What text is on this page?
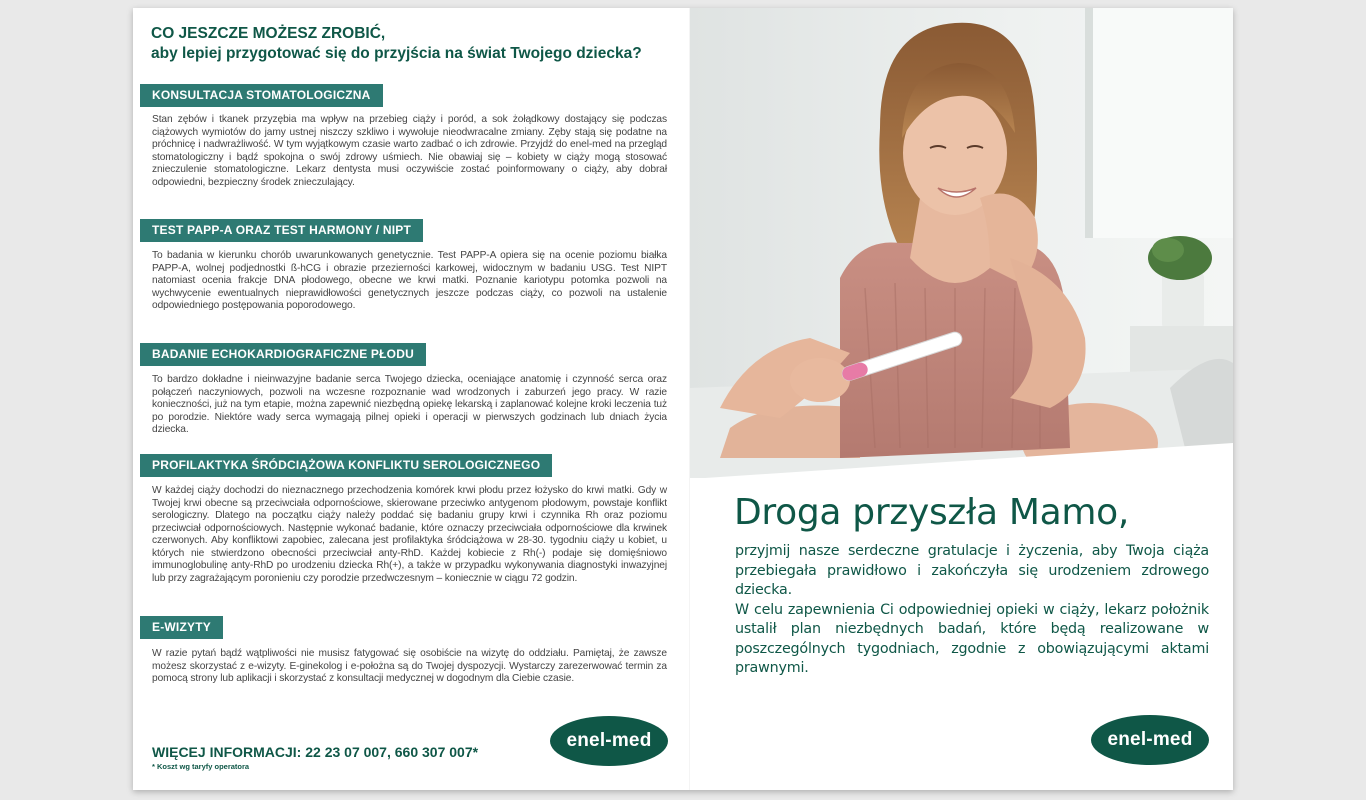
CO JESZCZE MOŻESZ ZROBIĆ,
aby lepiej przygotować się do przyjścia na świat Twojego dziecka?
KONSULTACJA STOMATOLOGICZNA
Stan zębów i tkanek przyzębia ma wpływ na przebieg ciąży i poród, a sok żołądkowy dostający się podczas ciążowych wymiotów do jamy ustnej niszczy szkliwo i wywołuje nieodwracalne zmiany. Zęby stają się podatne na próchnicę i nadwrażliwość. W tym wyjątkowym czasie warto zadbać o ich zdrowie. Przyjdź do enel-med na przegląd stomatologiczny i bądź spokojna o swój zdrowy uśmiech. Nie obawiaj się – kobiety w ciąży mogą stosować znieczulenie stomatologiczne. Lekarz dentysta musi oczywiście zostać poinformowany o ciąży, aby dobrał odpowiedni, bezpieczny środek znieczulający.
TEST PAPP-A ORAZ TEST HARMONY / NIPT
To badania w kierunku chorób uwarunkowanych genetycznie. Test PAPP-A opiera się na ocenie poziomu białka PAPP-A, wolnej podjednostki ß-hCG i obrazie przezierności karkowej, widocznym w badaniu USG. Test NIPT natomiast ocenia frakcje DNA płodowego, obecne we krwi matki. Poznanie kariotypu potomka pozwoli na wychwycenie ewentualnych nieprawidłowości genetycznych jeszcze podczas ciąży, co pozwoli na ustalenie odpowiedniego postępowania poporodowego.
BADANIE ECHOKARDIOGRAFICZNE PŁODU
To bardzo dokładne i nieinwazyjne badanie serca Twojego dziecka, oceniające anatomię i czynność serca oraz połączeń naczyniowych, pozwoli na wczesne rozpoznanie wad wrodzonych i zaburzeń jego pracy. W razie konieczności, już na tym etapie, można zapewnić niezbędną opiekę lekarską i zaplanować kolejne kroki leczenia tuż po porodzie. Niektóre wady serca wymagają pilnej opieki i operacji w pierwszych godzinach lub dniach życia dziecka.
PROFILAKTYKA ŚRÓDCIĄŻOWA KONFLIKTU SEROLOGICZNEGO
W każdej ciąży dochodzi do nieznacznego przechodzenia komórek krwi płodu przez łożysko do krwi matki. Gdy w Twojej krwi obecne są przeciwciała odpornościowe, skierowane przeciwko antygenom płodowym, powstaje konflikt serologiczny. Dlatego na początku ciąży należy poddać się badaniu grupy krwi i czynnika Rh oraz poziomu przeciwciał odpornościowych. Następnie wykonać badanie, które oznaczy przeciwciała odpornościowe dla krwinek czerwonych. Aby konfliktowi zapobiec, zalecana jest profilaktyka śródciążowa w 28-30. tygodniu ciąży u kobiet, u których nie stwierdzono obecności przeciwciał anty-RhD. Każdej kobiecie z Rh(-) podaje się domięśniowo immunoglobulinę anty-RhD po urodzeniu dziecka Rh(+), a także w przypadku wykonywania diagnostyki inwazyjnej lub przy zagrażającym poronieniu czy porodzie przedwczesnym – koniecznie w ciągu 72 godzin.
E-WIZYTY
W razie pytań bądź wątpliwości nie musisz fatygować się osobiście na wizytę do oddziału. Pamiętaj, że zawsze możesz skorzystać z e-wizyty. E-ginekolog i e-położna są do Twojej dyspozycji. Wystarczy zarezerwować termin za pomocą strony lub aplikacji i skorzystać z konsultacji medycznej w dogodnym dla Ciebie czasie.
WIĘCEJ INFORMACJI: 22 23 07 007, 660 307 007*
* Koszt wg taryfy operatora
enel-med
Droga przyszła Mamo,

przyjmij nasze serdeczne gratulacje i życzenia, aby Twoja ciąża przebiegała prawidłowo i zakończyła się urodzeniem zdrowego dziecka.

W celu zapewnienia Ci odpowiedniej opieki w ciąży, lekarz położnik ustalił plan niezbędnych badań, które będą realizowane w poszczególnych tygodniach, zgodnie z obowiązującymi aktami prawnymi.

enel-med
